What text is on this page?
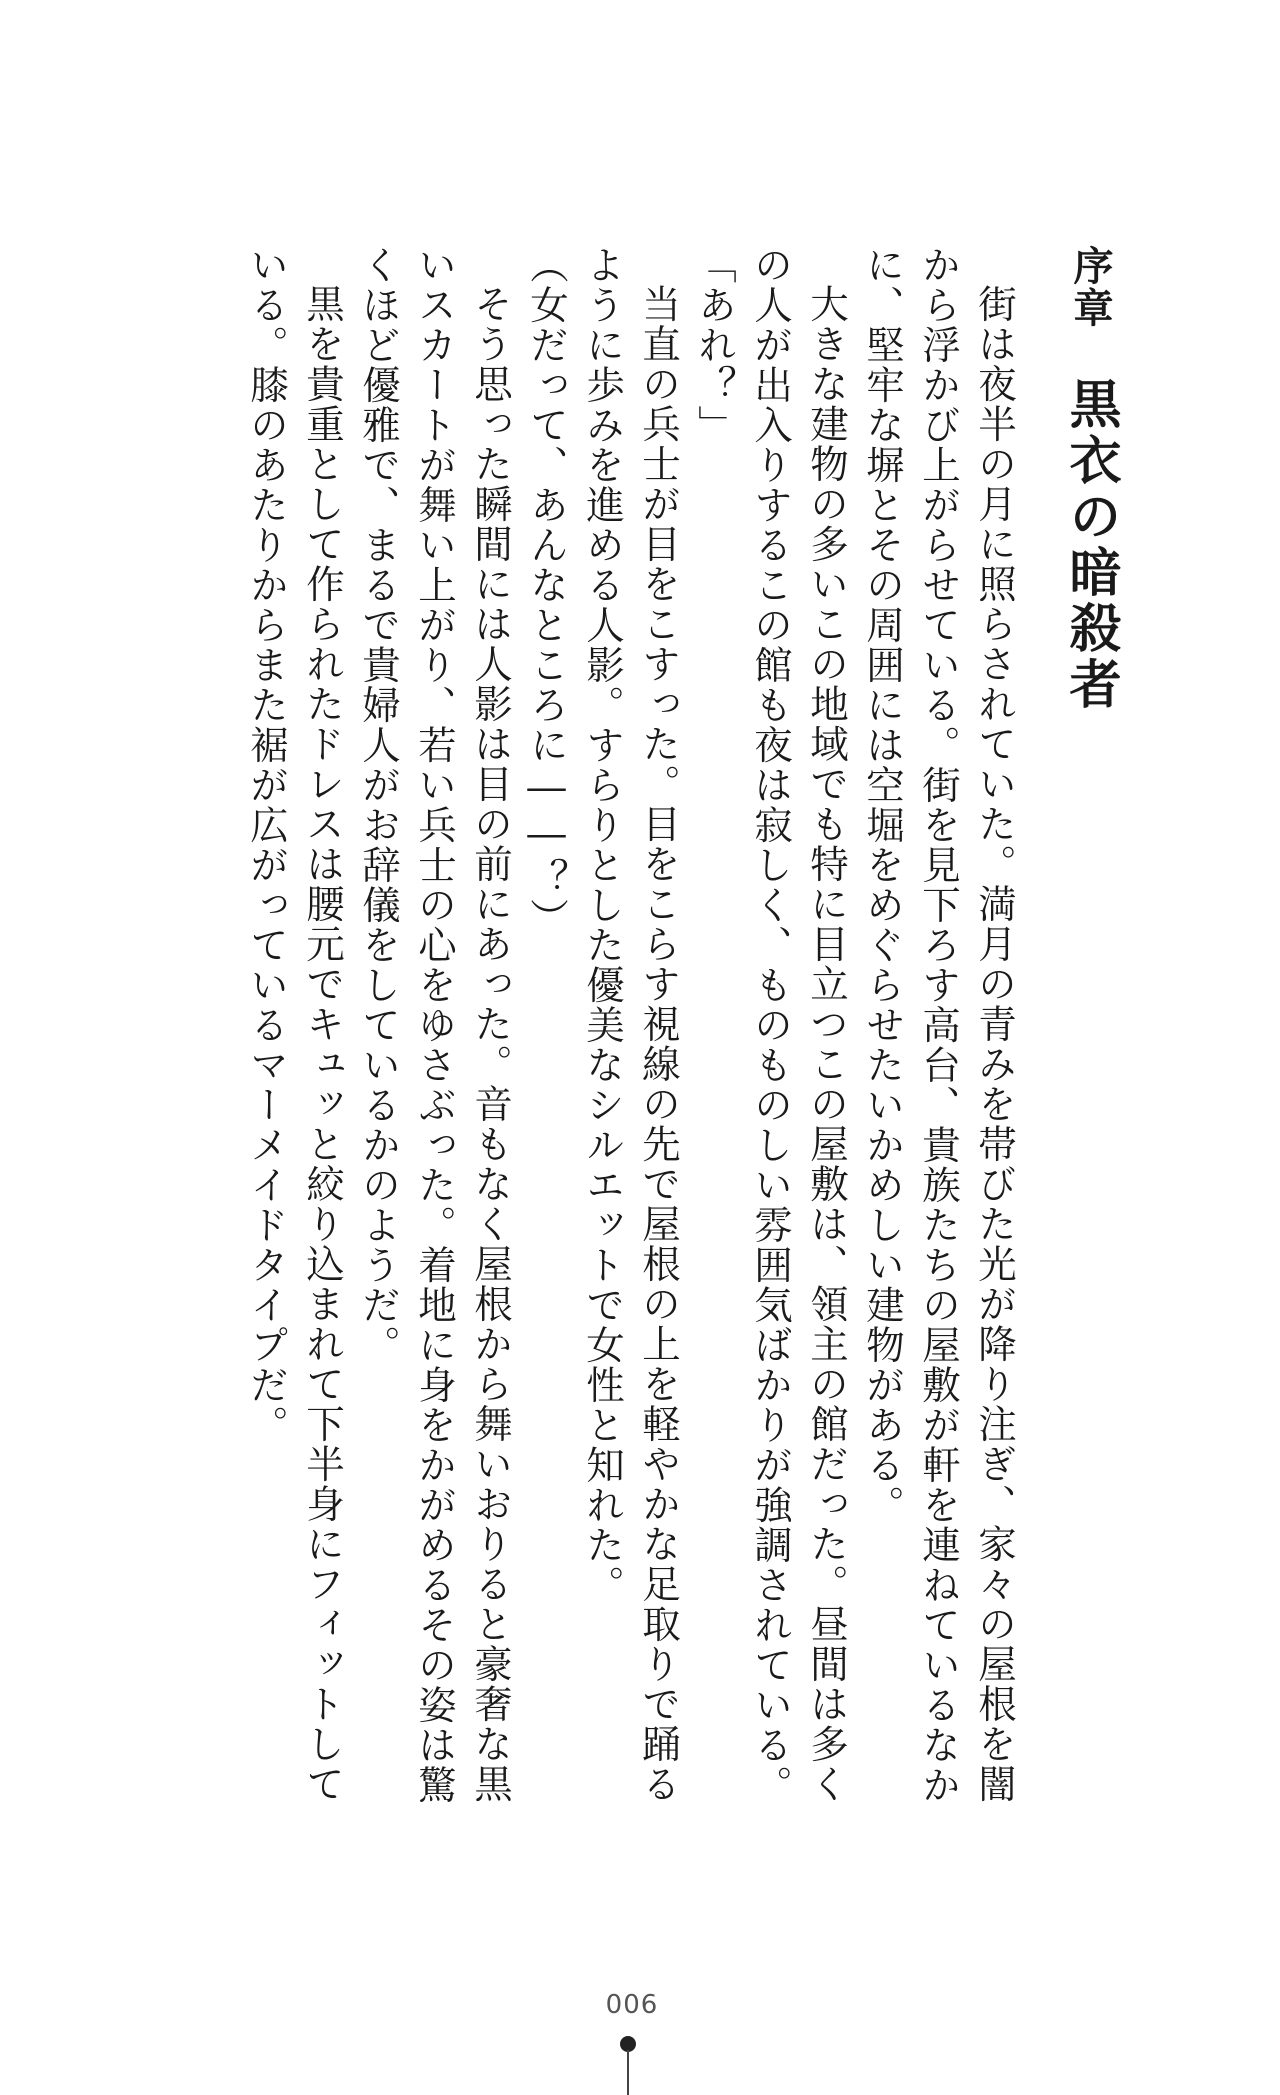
序章黒衣の暗殺者

街は夜半の月に照らされていた。満月の青みを帯びた光が降り注ぎ、家々の屋根を闇から浮かび上がらせている。街を見下ろす高台、貴族たちの屋敷が軒を連ねているなかに、堅牢な塀とその周囲には空堀をめぐらせたいかめしい建物がある。

大きな建物の多いこの地域でも特に目立つこの屋敷は、領主の館だった。昼間は多くの人が出入りするこの館も夜は寂しく、ものものしい雰囲気ばかりが強調されている。

「あれ？」

当直の兵士が目をこすった。目をこらす視線の先で屋根の上を軽やかな足取りで踊るように歩みを進める人影。すらりとした優美なシルエットで女性と知れた。

（女だって、あんなところに――？）

そう思った瞬間には人影は目の前にあった。音もなく屋根から舞いおりると豪奢な黒いスカートが舞い上がり、若い兵士の心をゆさぶった。着地に身をかがめるその姿は驚くほど優雅で、まるで貴婦人がお辞儀をしているかのようだ。

黒を貴重として作られたドレスは腰元でキュッと絞り込まれて下半身にフィットしている。膝のあたりからまた裾が広がっているマーメイドタイプだ。

006
